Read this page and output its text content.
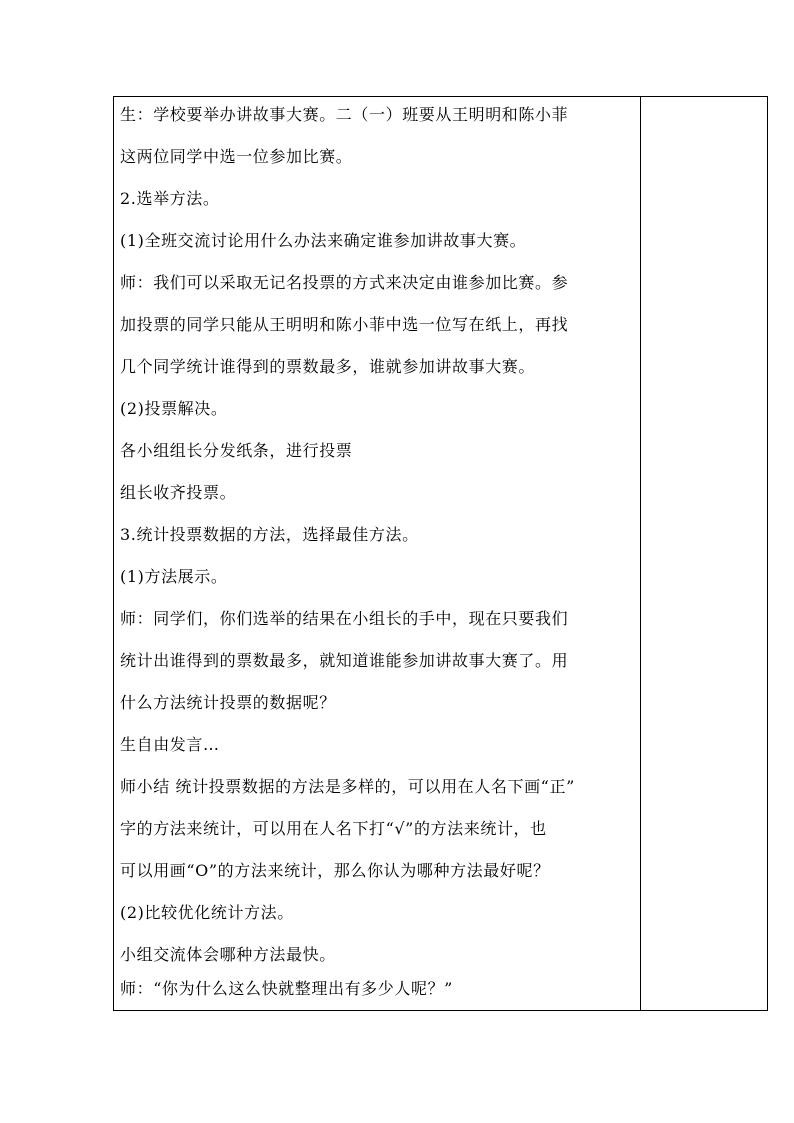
生：学校要举办讲故事大赛。二（一）班要从王明明和陈小菲
这两位同学中选一位参加比赛。
2.选举方法。
(1)全班交流讨论用什么办法来确定谁参加讲故事大赛。
师：我们可以采取无记名投票的方式来决定由谁参加比赛。参
加投票的同学只能从王明明和陈小菲中选一位写在纸上，再找
几个同学统计谁得到的票数最多，谁就参加讲故事大赛。
(2)投票解决。
各小组组长分发纸条，进行投票
组长收齐投票。
3.统计投票数据的方法，选择最佳方法。
(1)方法展示。
师：同学们，你们选举的结果在小组长的手中，现在只要我们
统计出谁得到的票数最多，就知道谁能参加讲故事大赛了。用
什么方法统计投票的数据呢？
生自由发言…
师小结 统计投票数据的方法是多样的，可以用在人名下画“正”
字的方法来统计，可以用在人名下打“√”的方法来统计，也
可以用画“O”的方法来统计，那么你认为哪种方法最好呢？
(2)比较优化统计方法。
小组交流体会哪种方法最快。
师：“你为什么这么快就整理出有多少人呢？”
